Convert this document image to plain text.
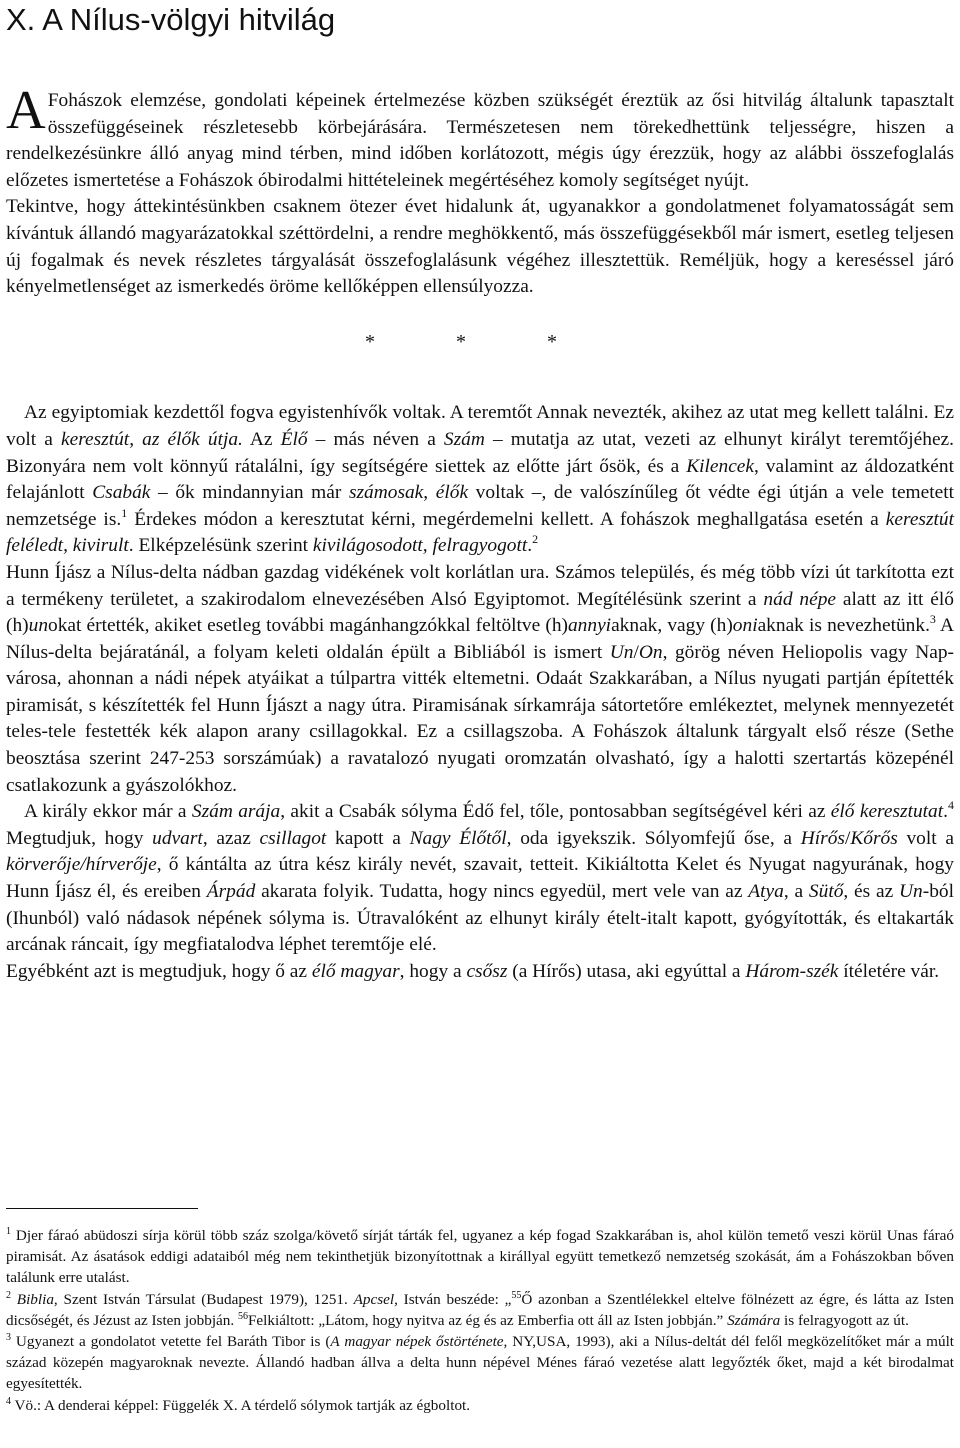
X. A Nílus-völgyi hitvilág

A Fohászok elemzése, gondolati képeinek értelmezése közben szükségét éreztük az ősi hitvilág általunk tapasztalt összefüggéseinek részletesebb körbejárására. Természetesen nem törekedhettünk teljességre, hiszen a rendelkezésünkre álló anyag mind térben, mind időben korlátozott, mégis úgy érezzük, hogy az alábbi összefoglalás előzetes ismertetése a Fohászok óbirodalmi hittételeinek megértéséhez komoly segítséget nyújt.

Tekintve, hogy áttekintésünkben csaknem ötezer évet hidalunk át, ugyanakkor a gondolatmenet folyamatosságát sem kívántuk állandó magyarázatokkal széttördelni, a rendre meghökkentő, más összefüggésekből már ismert, esetleg teljesen új fogalmak és nevek részletes tárgyalását összefoglalásunk végéhez illesztettük. Reméljük, hogy a kereséssel járó kényelmetlenséget az ismerkedés öröme kellőképpen ellensúlyozza.

* * *

Az egyiptomiak kezdettől fogva egyistenhívők voltak. A teremtőt Annak nevezték, akihez az utat meg kellett találni. Ez volt a keresztút, az élők útja. Az Élő – más néven a Szám – mutatja az utat, vezeti az elhunyt királyt teremtőjéhez. Bizonyára nem volt könnyű rátalálni, így segítségére siettek az előtte járt ősök, és a Kilencek, valamint az áldozatként felajánlott Csabák – ők mindannyian már számosak, élők voltak –, de valószínűleg őt védte égi útján a vele temetett nemzetsége is.$^1$ Érdekes módon a keresztutat kérni, megérdemelni kellett. A fohászok meghallgatása esetén a keresztút feléledt, kivirult. Elképzelésünk szerint kivilágosodott, felragyogott.$^2$

Hunn Íjász a Nílus-delta nádban gazdag vidékének volt korlátlan ura. Számos település, és még több vízi út tarkította ezt a termékeny területet, a szakirodalom elnevezésében Alsó Egyiptomot. Megítélésünk szerint a nád népe alatt az itt élő (h)unokat értették, akiket esetleg további magánhangzókkal feltöltve (h)annyiaknak, vagy (h)oniaknak is nevezhetünk.$^3$ A Nílus-delta bejáratánál, a folyam keleti oldalán épült a Bibliából is ismert Un/On, görög néven Heliopolis vagy Nap-városa, ahonnan a nádi népek atyáikat a túlpartra vitték eltemetni. Odaát Szakkarában, a Nílus nyugati partján építették piramisát, s készítették fel Hunn Íjászt a nagy útra. Piramisának sírkamrája sátortetőre emlékeztet, melynek mennyezetét teles-tele festették kék alapon arany csillagokkal. Ez a csillagszoba. A Fohászok általunk tárgyalt első része (Sethe beosztása szerint 247-253 sorszámúak) a ravatalozó nyugati oromzatán olvasható, így a halotti szertartás közepénél csatlakozunk a gyászolókhoz.

A király ekkor már a Szám arája, akit a Csabák sólyma Édő fel, tőle, pontosabban segítségével kéri az élő keresztutat.$^4$ Megtudjuk, hogy udvart, azaz csillagot kapott a Nagy Élőtől, oda igyekszik. Sólyomfejű őse, a Hírős/Kőrős volt a körverője/hírverője, ő kántálta az útra kész király nevét, szavait, tetteit. Kikiáltotta Kelet és Nyugat nagyurának, hogy Hunn Íjász él, és ereiben Árpád akarata folyik. Tudatta, hogy nincs egyedül, mert vele van az Atya, a Sütő, és az Un-ból (Ihunból) való nádasok népének sólyma is. Útravalóként az elhunyt király ételt-italt kapott, gyógyították, és eltakarták arcának ráncait, így megfiatalodva léphet teremtője elé.

Egyébként azt is megtudjuk, hogy ő az élő magyar, hogy a csősz (a Hírős) utasa, aki egyúttal a Három-szék ítéletére vár.

$^1$ Djer fáraó abüdoszi sírja körül több száz szolga/követő sírját tárták fel, ugyanez a kép fogad Szakkarában is, ahol külön temető veszi körül Unas fáraó piramisát. Az ásatások eddigi adataiból még nem tekinthetjük bizonyítottnak a királlyal együtt temetkező nemzetség szokását, ám a Fohászokban bőven találunk erre utalást.

$^2$ Biblia, Szent István Társulat (Budapest 1979), 1251. Apcsel, István beszéde: „$^{55}$Ő azonban a Szentlélekkel eltelve fölnézett az égre, és látta az Isten dicsőségét, és Jézust az Isten jobbján. $^{56}$Felkiáltott: „Látom, hogy nyitva az ég és az Emberfia ott áll az Isten jobbján.” Számára is felragyogott az út.

$^3$ Ugyanezt a gondolatot vetette fel Baráth Tibor is (A magyar népek őstörténete, NY,USA, 1993), aki a Nílus-deltát dél felől megközelítőket már a múlt század közepén magyaroknak nevezte. Állandó hadban állva a delta hunn népével Ménes fáraó vezetése alatt legyőzték őket, majd a két birodalmat egyesítették.

$^4$ Vö.: A denderai képpel: Függelék X. A térdelő sólymok tartják az égboltot.
